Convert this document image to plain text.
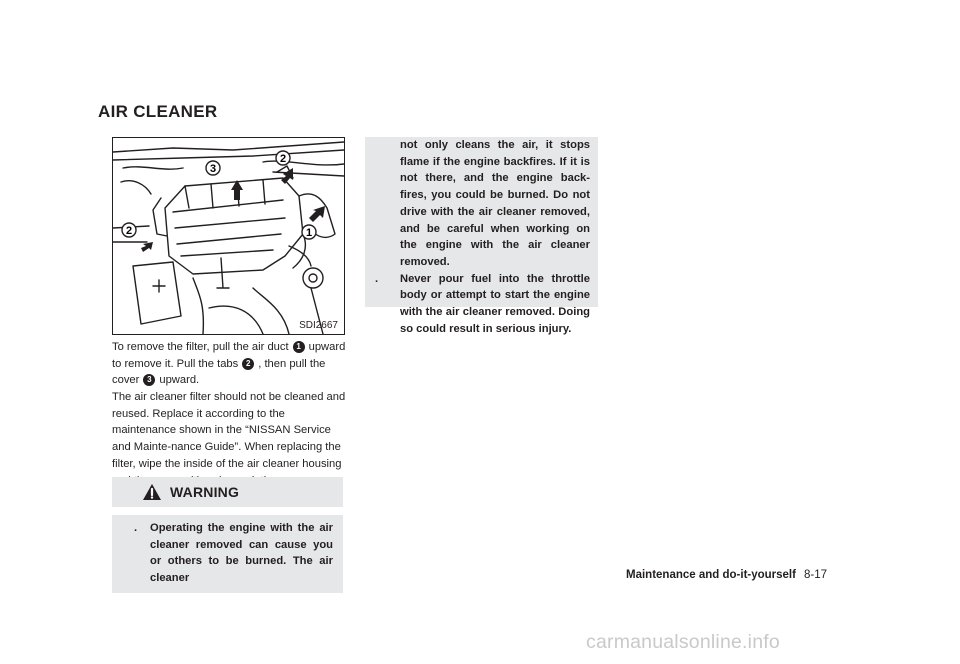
AIR CLEANER
3
2
2	1
SDI2667

To remove the filter, pull the air duct 1 upward to remove it. Pull the tabs 2 , then pull the cover 3 upward.

The air cleaner filter should not be cleaned and reused. Replace it according to the maintenance shown in the “NISSAN Service and Mainte-nance Guide”. When replacing the filter, wipe the inside of the air cleaner housing

WARNING

. Operating the engine with the air cleaner removed can cause you or others to be burned. The air cleaner

not only cleans the air, it stops flame if the engine backfires. If it is not there, and the engine back-fires, you could be burned. Do not drive with the air cleaner removed, and be careful when working on the engine with the air cleaner removed.

. Never pour fuel into the throttle body or attempt to start the engine with the air cleaner removed. Doing so could result in serious injury.

Maintenance and do-it-yourself 8-17
carmanualsonline.info
